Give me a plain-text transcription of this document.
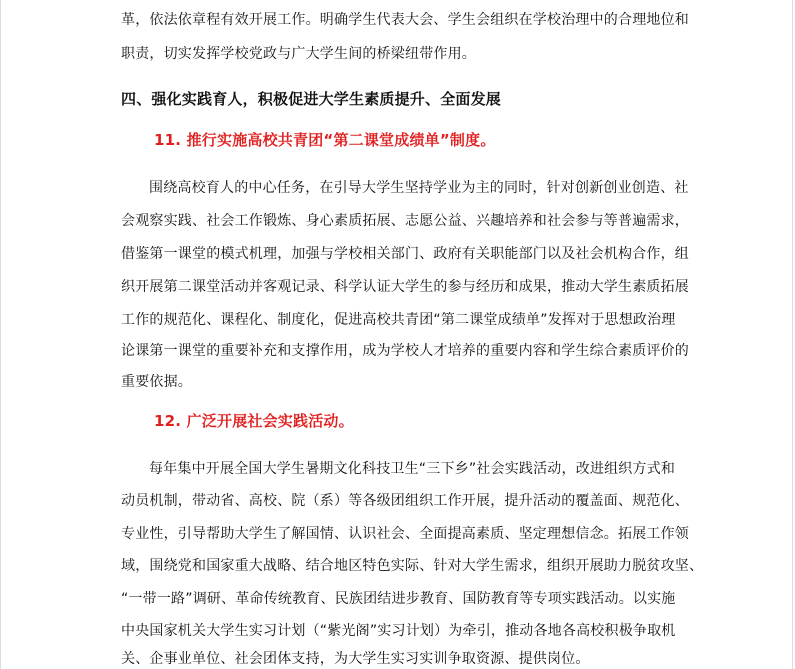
革，依法依章程有效开展工作。明确学生代表大会、学生会组织在学校治理中的合理地位和
职责，切实发挥学校党政与广大学生间的桥梁纽带作用。
四、强化实践育人，积极促进大学生素质提升、全面发展
11. 推行实施高校共青团“第二课堂成绩单”制度。
围绕高校育人的中心任务，在引导大学生坚持学业为主的同时，针对创新创业创造、社
会观察实践、社会工作锻炼、身心素质拓展、志愿公益、兴趣培养和社会参与等普遍需求，
借鉴第一课堂的模式机理，加强与学校相关部门、政府有关职能部门以及社会机构合作，组
织开展第二课堂活动并客观记录、科学认证大学生的参与经历和成果，推动大学生素质拓展
工作的规范化、课程化、制度化，促进高校共青团“第二课堂成绩单”发挥对于思想政治理
论课第一课堂的重要补充和支撑作用，成为学校人才培养的重要内容和学生综合素质评价的
重要依据。
12. 广泛开展社会实践活动。
每年集中开展全国大学生暑期文化科技卫生“三下乡”社会实践活动，改进组织方式和
动员机制，带动省、高校、院（系）等各级团组织工作开展，提升活动的覆盖面、规范化、
专业性，引导帮助大学生了解国情、认识社会、全面提高素质、坚定理想信念。拓展工作领
域，围绕党和国家重大战略、结合地区特色实际、针对大学生需求，组织开展助力脱贫攻坚、
“一带一路”调研、革命传统教育、民族团结进步教育、国防教育等专项实践活动。以实施
中央国家机关大学生实习计划（“紫光阁”实习计划）为牵引，推动各地各高校积极争取机
关、企事业单位、社会团体支持，为大学生实习实训争取资源、提供岗位。
